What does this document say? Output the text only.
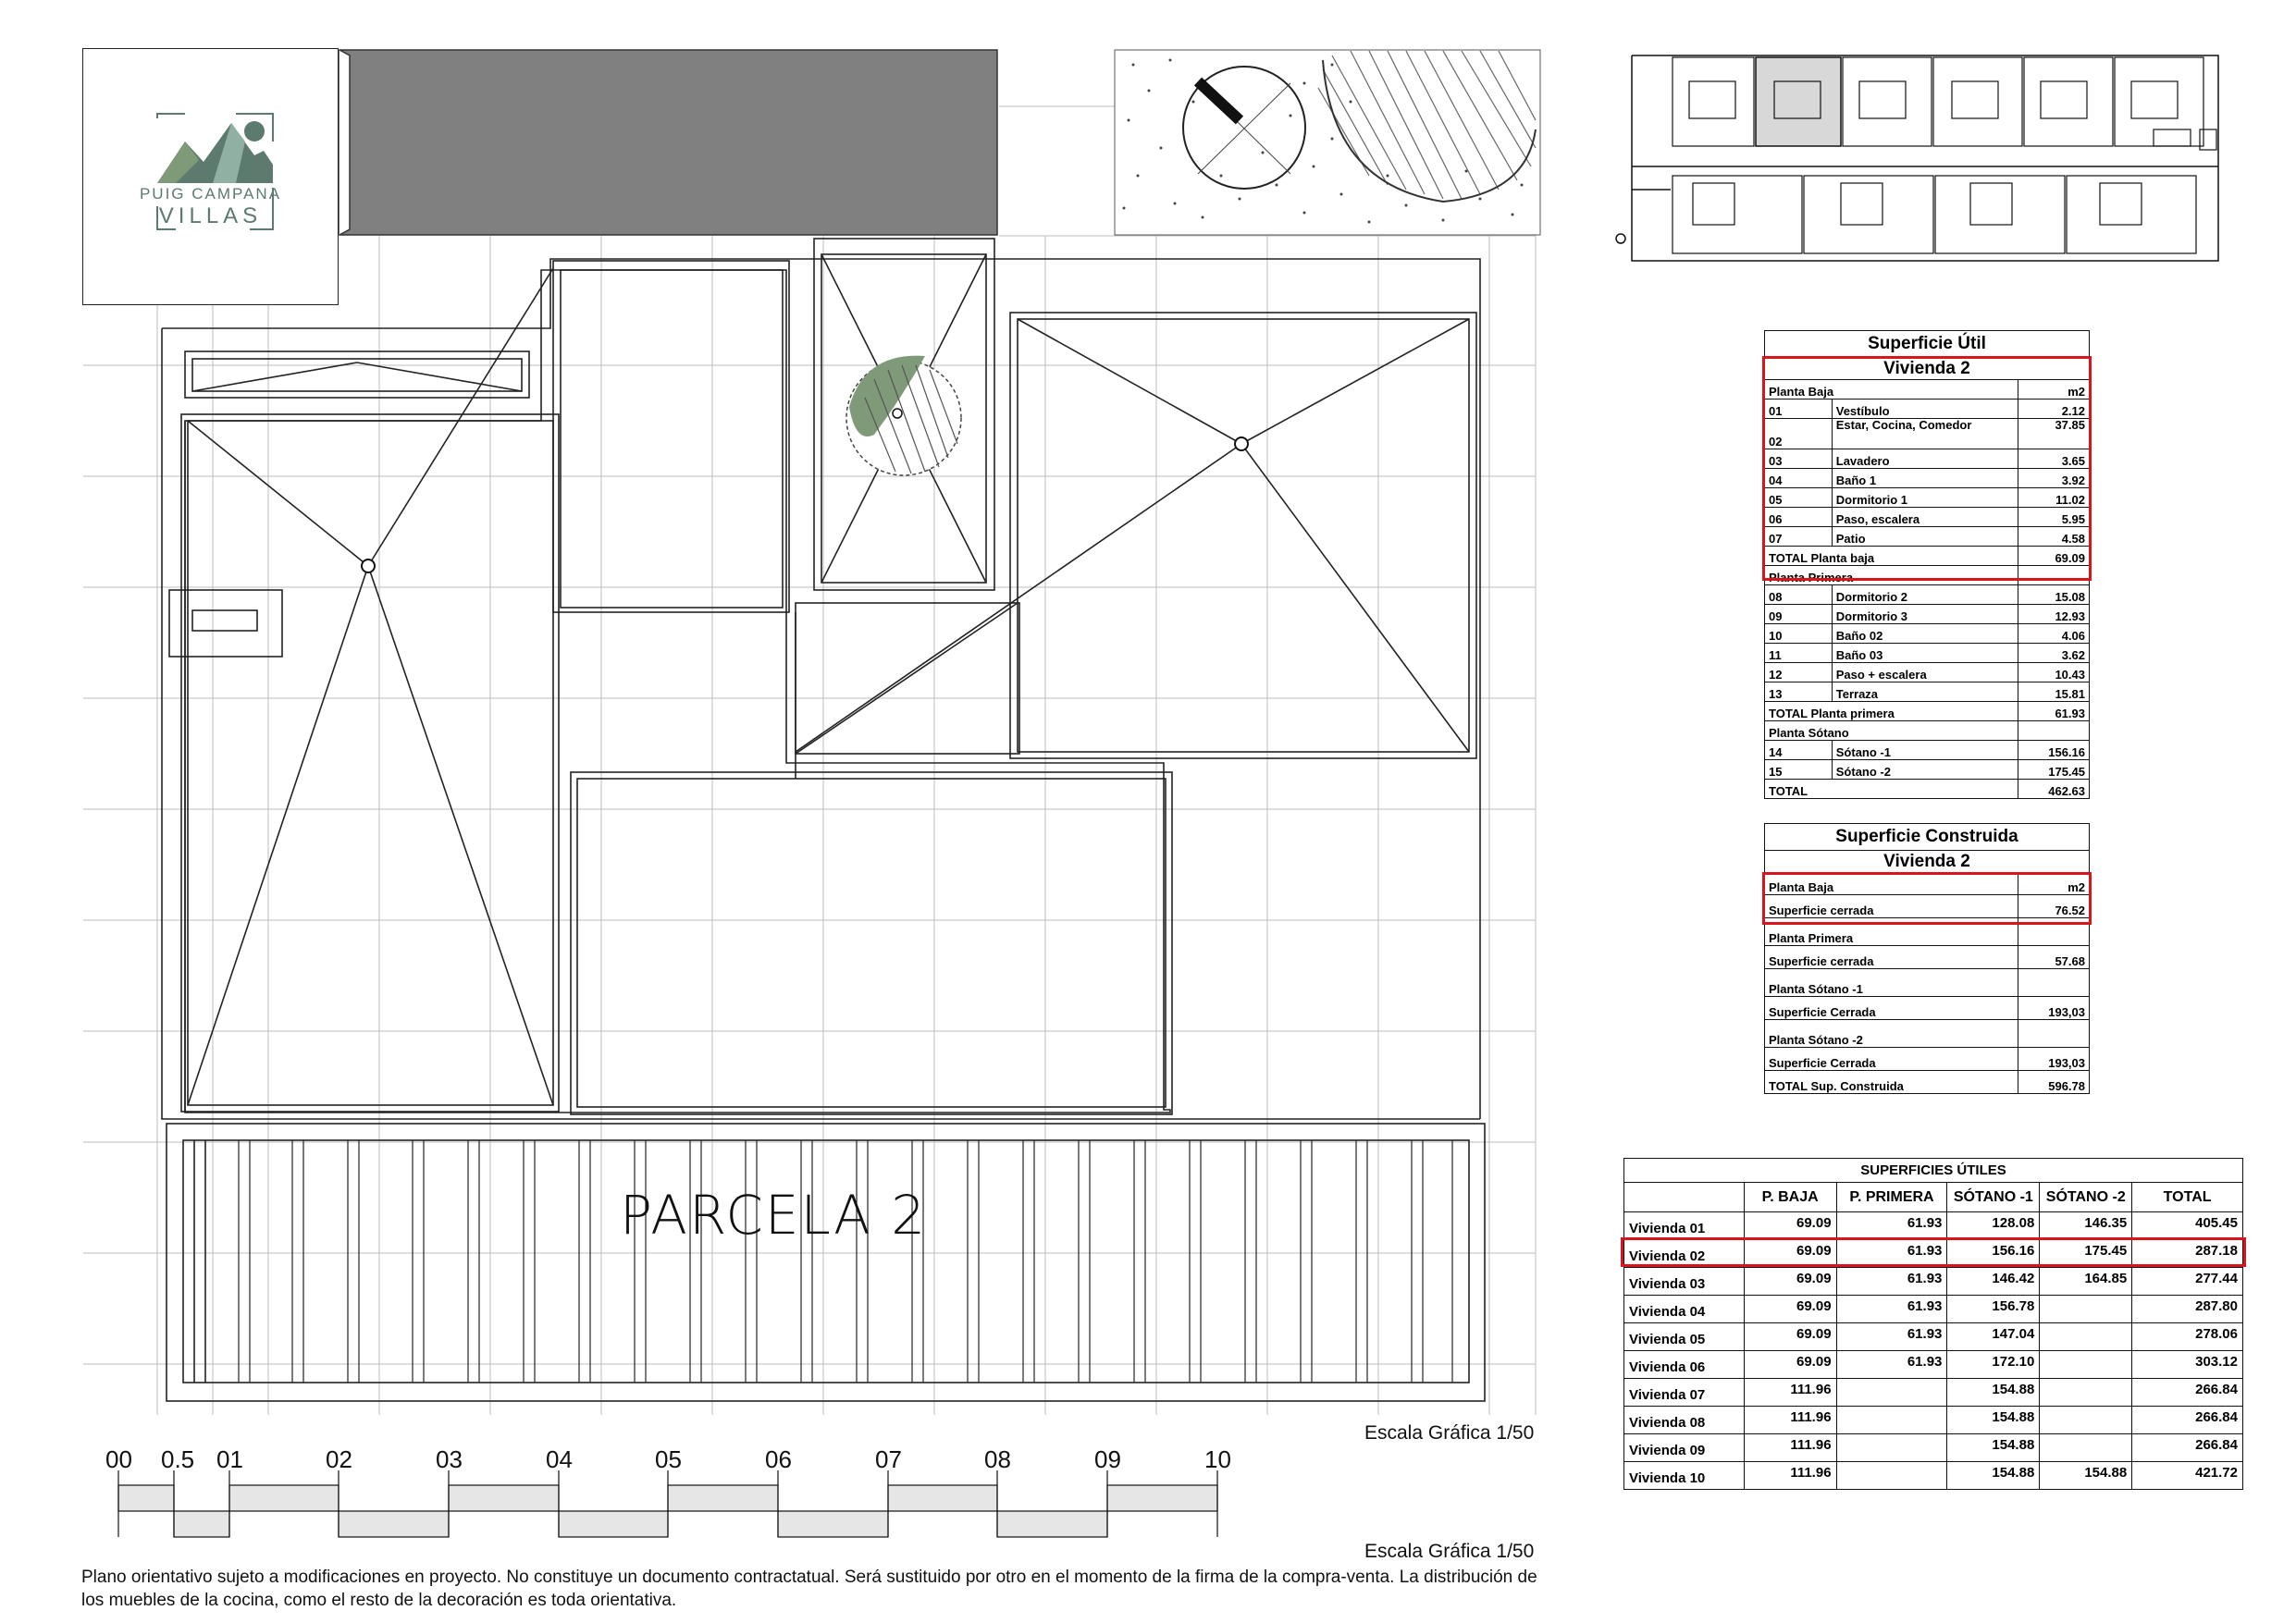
PUIG CAMPANA
VILLAS
PARCELA 2
Escala Gráfica 1/50
00 0.5 01	02	03	04	05	06	07	08	09	10
Escala Gráfica 1/50
Plano orientativo sujeto a modificaciones en proyecto. No constituye un documento contractatual. Será sustituido por otro en el momento de la firma de la compra-venta. La distribución de los muebles de la cocina, como el resto de la decoración es toda orientativa.
Superficie Útil		
Vivienda 2		
Planta Baja		m2
01	Vestíbulo	2.12
02	Estar, Cocina, Comedor	37.85
03	Lavadero	3.65
04	Baño 1	3.92
05	Dormitorio 1	11.02
06	Paso, escalera	5.95
07	Patio	4.58
TOTAL Planta baja		69.09
Planta Primera		
08	Dormitorio 2	15.08
09	Dormitorio 3	12.93
10	Baño 02	4.06
11	Baño 03	3.62
12	Paso + escalera	10.43
13	Terraza	15.81
TOTAL Planta primera		61.93
Planta Sótano		
14	Sótano -1	156.16
15	Sótano -2	175.45
TOTAL		462.63
Superficie Construida	
Vivienda 2	
Planta Baja	m2
Superficie cerrada	76.52
Planta Primera	
Superficie cerrada	57.68
Planta Sótano -1	
Superficie Cerrada	193,03
Planta Sótano -2	
Superficie Cerrada	193,03
TOTAL Sup. Construida	596.78
SUPERFICIES ÚTILES					
	P. BAJA	P. PRIMERA	SÓTANO -1	SÓTANO -2	TOTAL
Vivienda 01	69.09	61.93	128.08	146.35	405.45
Vivienda 02	69.09	61.93	156.16	175.45	287.18
Vivienda 03	69.09	61.93	146.42	164.85	277.44
Vivienda 04	69.09	61.93	156.78		287.80
Vivienda 05	69.09	61.93	147.04		278.06
Vivienda 06	69.09	61.93	172.10		303.12
Vivienda 07	111.96		154.88		266.84
Vivienda 08	111.96		154.88		266.84
Vivienda 09	111.96		154.88		266.84
Vivienda 10	111.96		154.88	154.88	421.72
